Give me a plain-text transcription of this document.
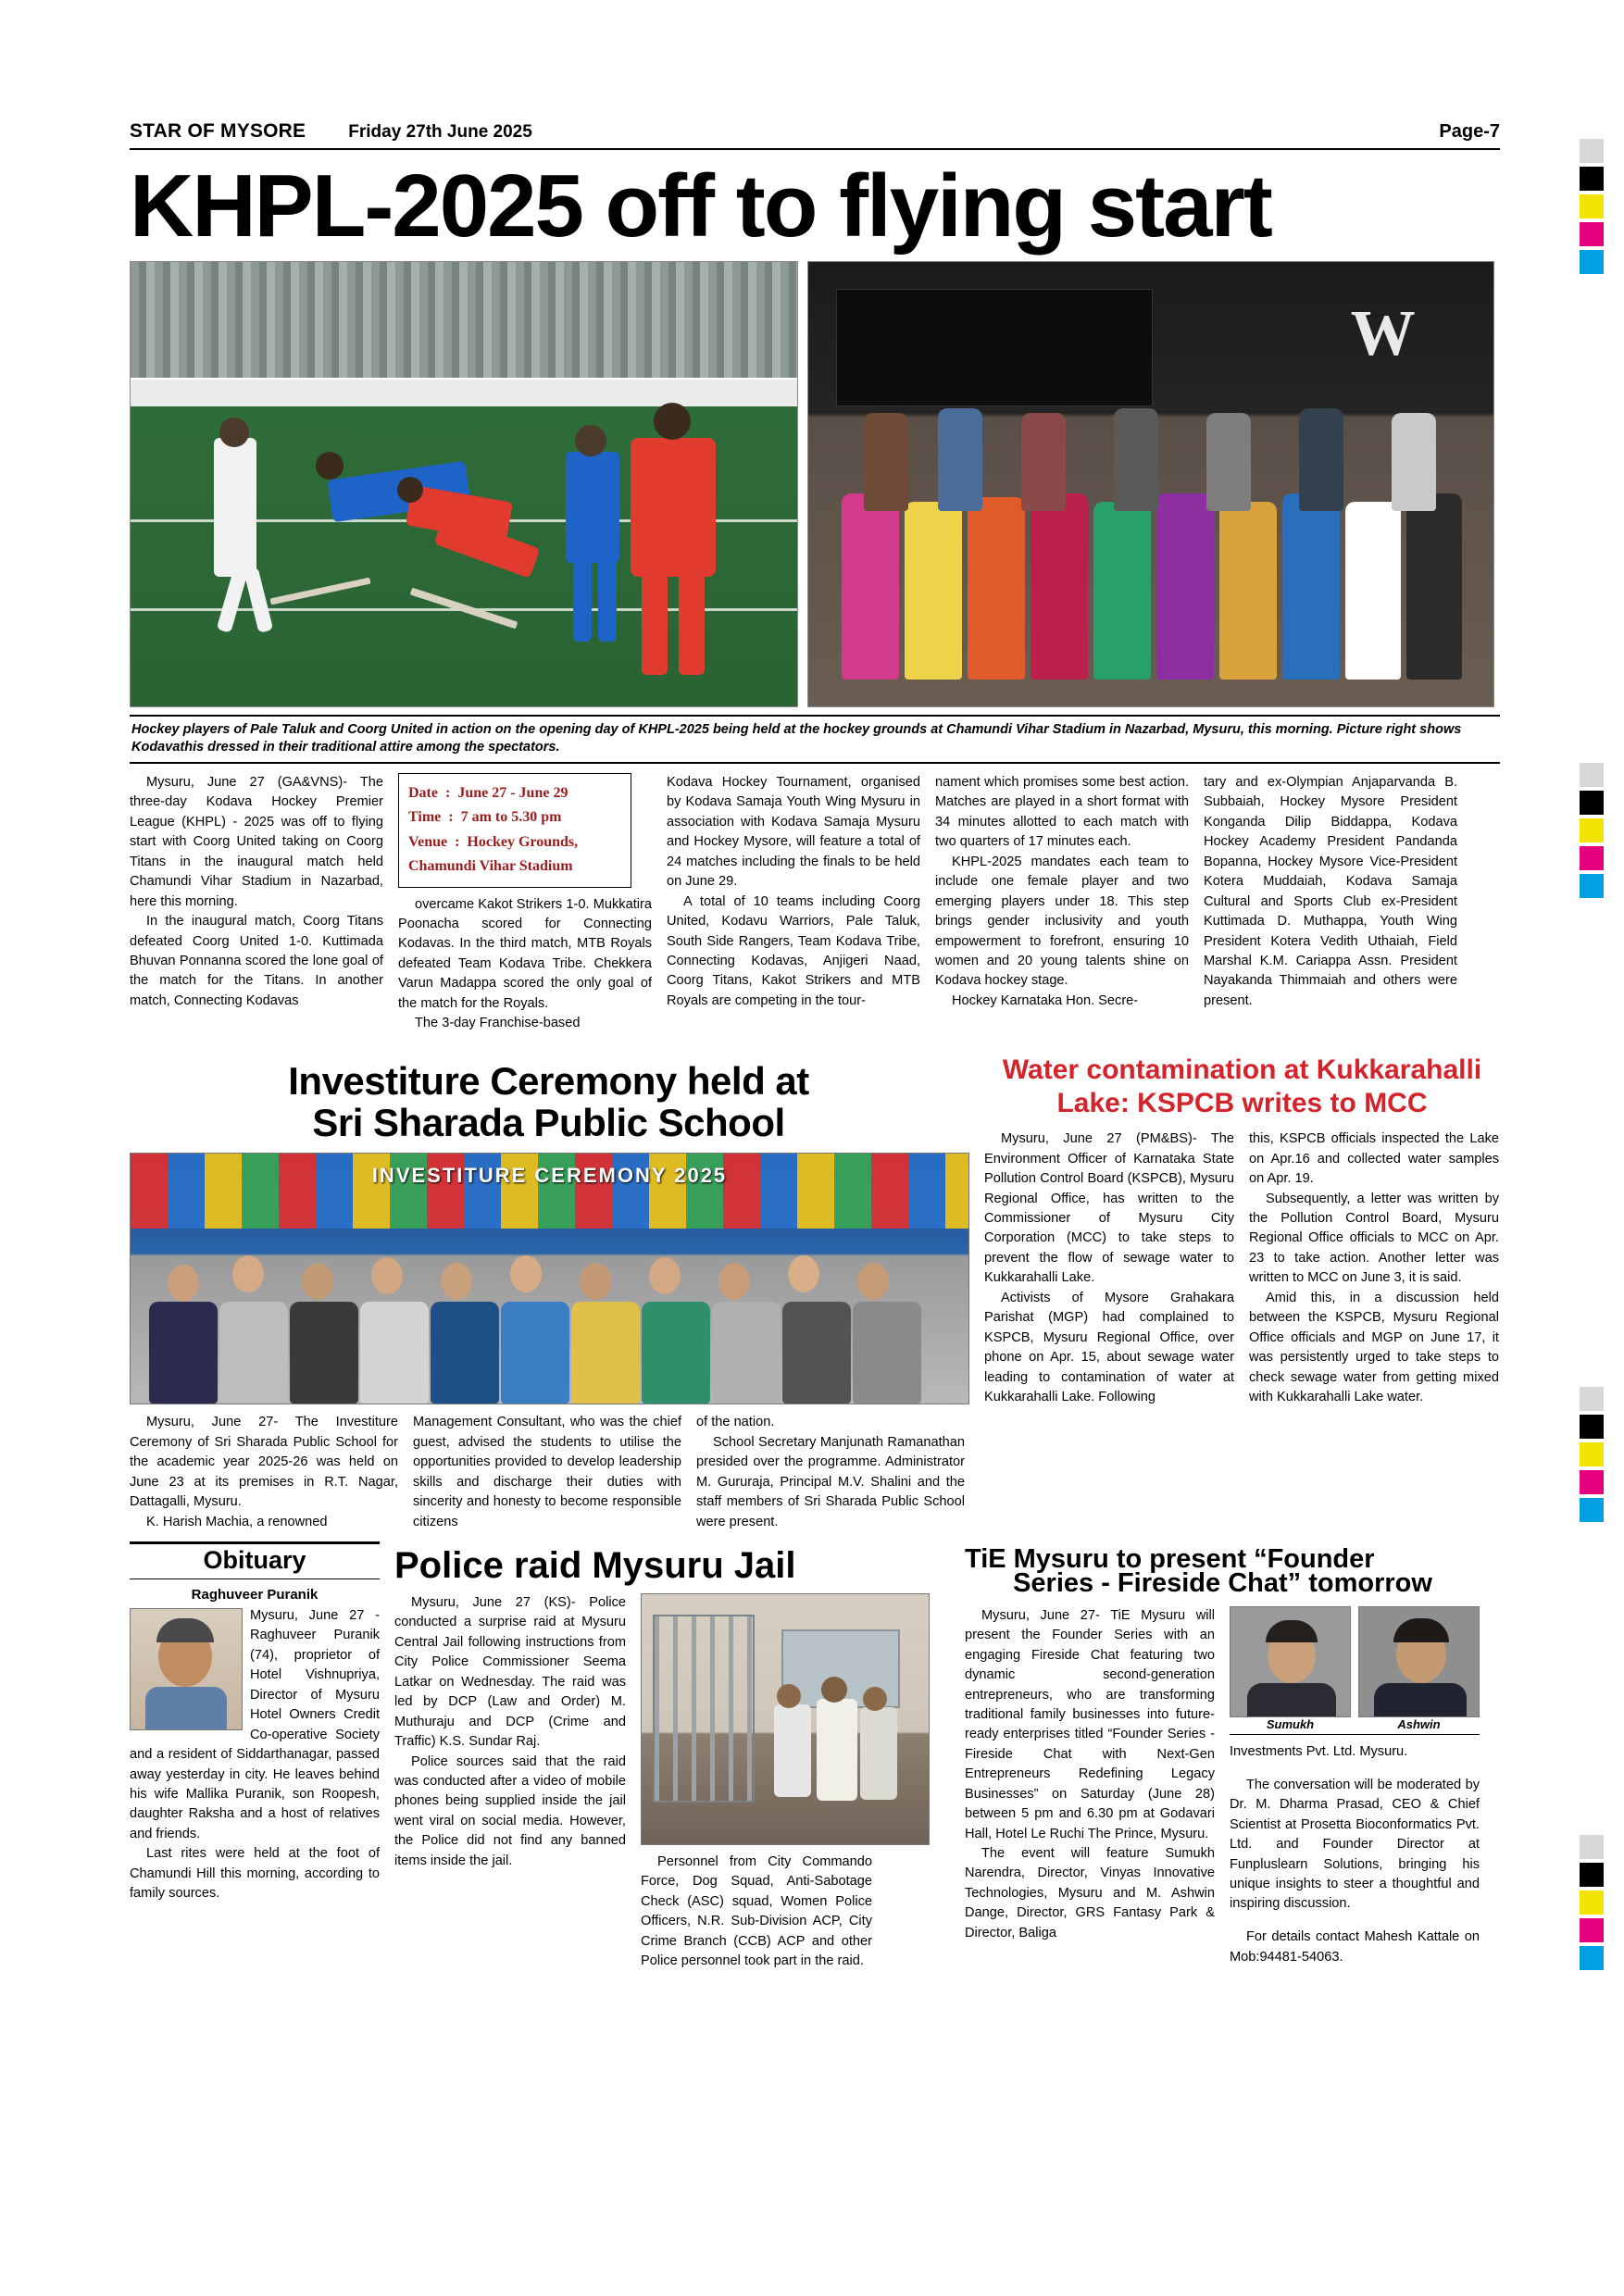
STAR OF MYSORE Friday 27th June 2025	Page-7
KHPL-2025 off to flying start
W
Hockey players of Pale Taluk and Coorg United in action on the opening day of KHPL-2025 being held at the hockey grounds at Chamundi Vihar Stadium in Nazarbad, Mysuru, this morning. Picture right shows Kodavathis dressed in their traditional attire among the spectators.

Mysuru, June 27 (GA&VNS)- The three-day Kodava Hockey Premier League (KHPL) - 2025 was off to flying start with Coorg United taking on Coorg Titans in the inaugural match held Chamundi Vihar Stadium in Nazarbad, here this morning.

In the inaugural match, Coorg Titans defeated Coorg United 1-0. Kuttimada Bhuvan Ponnanna scored the lone goal of the match for the Titans. In another match, Connecting Kodavas

Date  :  June 27 - June 29
Time  :  7 am to 5.30 pm
Venue  :  Hockey Grounds,
Chamundi Vihar Stadium

overcame Kakot Strikers 1-0. Mukkatira Poonacha scored for Connecting Kodavas. In the third match, MTB Royals defeated Team Kodava Tribe. Chekkera Varun Madappa scored the only goal of the match for the Royals.

The 3-day Franchise-based

Kodava Hockey Tournament, organised by Kodava Samaja Youth Wing Mysuru in association with Kodava Samaja Mysuru and Hockey Mysore, will feature a total of 24 matches including the finals to be held on June 29.

A total of 10 teams including Coorg United, Kodavu Warriors, Pale Taluk, South Side Rangers, Team Kodava Tribe, Connecting Kodavas, Anjigeri Naad, Coorg Titans, Kakot Strikers and MTB Royals are competing in the tour-

nament which promises some best action. Matches are played in a short format with 34 minutes allotted to each match with two quarters of 17 minutes each.

KHPL-2025 mandates each team to include one female player and two emerging players under 18. This step brings gender inclusivity and youth empowerment to forefront, ensuring 10 women and 20 young talents shine on Kodava hockey stage.

Hockey Karnataka Hon. Secre-

tary and ex-Olympian Anjaparvanda B. Subbaiah, Hockey Mysore President Konganda Dilip Biddappa, Kodava Hockey Academy President Pandanda Bopanna, Hockey Mysore Vice-President Kotera Muddaiah, Kodava Samaja Cultural and Sports Club ex-President Kuttimada D. Muthappa, Youth Wing President Kotera Vedith Uthaiah, Field Marshal K.M. Cariappa Assn. President Nayakanda Thimmaiah and others were present.

Investiture Ceremony held at
Sri Sharada Public School
INVESTITURE CEREMONY 2025

Mysuru, June 27- The Investiture Ceremony of Sri Sharada Public School for the academic year 2025-26 was held on June 23 at its premises in R.T. Nagar, Dattagalli, Mysuru.

K. Harish Machia, a renowned

Management Consultant, who was the chief guest, advised the students to utilise the opportunities provided to develop leadership skills and discharge their duties with sincerity and honesty to become responsible citizens

of the nation.

School Secretary Manjunath Ramanathan presided over the programme. Administrator M. Gururaja, Principal M.V. Shalini and the staff members of Sri Sharada Public School were present.

Water contamination at Kukkarahalli
Lake: KSPCB writes to MCC

Mysuru, June 27 (PM&BS)- The Environment Officer of Karnataka State Pollution Control Board (KSPCB), Mysuru Regional Office, has written to the Commissioner of Mysuru City Corporation (MCC) to take steps to prevent the flow of sewage water to Kukkarahalli Lake.

Activists of Mysore Grahakara Parishat (MGP) had complained to KSPCB, Mysuru Regional Office, over phone on Apr. 15, about sewage water leading to contamination of water at Kukkarahalli Lake. Following

this, KSPCB officials inspected the Lake on Apr.16 and collected water samples on Apr. 19.

Subsequently, a letter was written by the Pollution Control Board, Mysuru Regional Office officials to MCC on Apr. 23 to take action. Another letter was written to MCC on June 3, it is said.

Amid this, in a discussion held between the KSPCB, Mysuru Regional Office officials and MGP on June 17, it was persistently urged to take steps to check sewage water from getting mixed with Kukkarahalli Lake water.

Obituary
Raghuveer Puranik

Mysuru, June 27 - Raghuveer Puranik (74), proprietor of Hotel Vishnupriya, Director of Mysuru Hotel Owners Credit Co-operative Society and a resident of Siddarthanagar, passed away yesterday in city. He leaves behind his wife Mallika Puranik, son Roopesh, daughter Raksha and a host of relatives and friends.

Last rites were held at the foot of Chamundi Hill this morning, according to family sources.

Police raid Mysuru Jail

Mysuru, June 27 (KS)- Police conducted a surprise raid at Mysuru Central Jail following instructions from City Police Commissioner Seema Latkar on Wednesday. The raid was led by DCP (Law and Order) M. Muthuraju and DCP (Crime and Traffic) K.S. Sundar Raj.

Police sources said that the raid was conducted after a video of mobile phones being supplied inside the jail went viral on social media. However, the Police did not find any banned items inside the jail.	Personnel from City Commando Force, Dog Squad, Anti-Sabotage Check (ASC) squad, Women Police Officers, N.R. Sub-Division ACP, City Crime Branch (CCB) ACP and other Police personnel took part in the raid.

TiE Mysuru to present “Founder
Series - Fireside Chat” tomorrow

Mysuru, June 27- TiE Mysuru will present the Founder Series with an engaging Fireside Chat featuring two dynamic second-generation entrepreneurs, who are transforming traditional family businesses into future-ready enterprises titled “Founder Series - Fireside Chat with Next-Gen Entrepreneurs Redefining Legacy Businesses” on Saturday (June 28) between 5 pm and 6.30 pm at Godavari Hall, Hotel Le Ruchi The Prince, Mysuru.

The event will feature Sumukh Narendra, Director, Vinyas Innovative Technologies, Mysuru and M. Ashwin Dange, Director, GRS Fantasy Park & Director, Baliga

Sumukh	Ashwin

Investments Pvt. Ltd. Mysuru.

The conversation will be moderated by Dr. M. Dharma Prasad, CEO & Chief Scientist at Prosetta Bioconformatics Pvt. Ltd. and Founder Director at Funpluslearn Solutions, bringing his unique insights to steer a thoughtful and inspiring discussion.

For details contact Mahesh Kattale on Mob:94481-54063.
